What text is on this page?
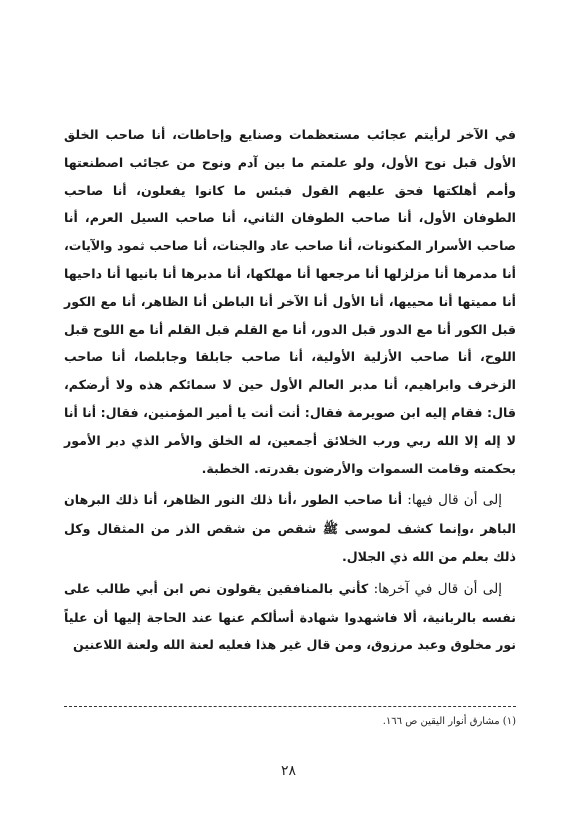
في الآخر لرأيتم عجائب مستعظمات وصنايع وإحاطات، أنا صاحب الخلق الأول قبل نوح الأول، ولو علمتم ما بين آدم ونوح من عجائب اصطنعتها وأمم أهلكتها فحق عليهم القول فبئس ما كانوا يفعلون، أنا صاحب الطوفان الأول، أنا صاحب الطوفان الثاني، أنا صاحب السيل العرم، أنا صاحب الأسرار المكنونات، أنا صاحب عاد والجنات، أنا صاحب ثمود والآيات، أنا مدمرها أنا مزلزلها أنا مرجعها أنا مهلكها، أنا مدبرها أنا بانيها أنا داحيها أنا مميتها أنا محييها، أنا الأول أنا الآخر أنا الباطن أنا الظاهر، أنا مع الكور قبل الكور أنا مع الدور قبل الدور، أنا مع القلم قبل القلم أنا مع اللوح قبل اللوح، أنا صاحب الأزلية الأولية، أنا صاحب جابلقا وجابلصا، أنا صاحب الزخرف وابراهيم، أنا مدبر العالم الأول حين لا سمائكم هذه ولا أرضكم، قال: فقام إليه ابن صويرمة فقال: أنت أنت يا أمير المؤمنين، فقال: أنا أنا لا إله إلا الله ربي ورب الخلائق أجمعين، له الخلق والأمر الذي دبر الأمور بحكمته وقامت السموات والأرضون بقدرته. الخطبة.

إلى أن قال فيها: أنا صاحب الطور ،أنا ذلك النور الظاهر، أنا ذلك البرهان الباهر ،وإنما كشف لموسى ﷺ شقص من شقص الذر من المثقال وكل ذلك بعلم من الله ذي الجلال.

إلى أن قال في آخرها: كأني بالمنافقين يقولون نص ابن أبي طالب على نفسه بالربانية، ألا فاشهدوا شهادة أسألكم عنها عند الحاجة إليها أن علياً نور مخلوق وعبد مرزوق، ومن قال غير هذا فعليه لعنة الله ولعنة اللاعنين

(١) مشارق أنوار اليقين ص ١٦٦.
٢٨
